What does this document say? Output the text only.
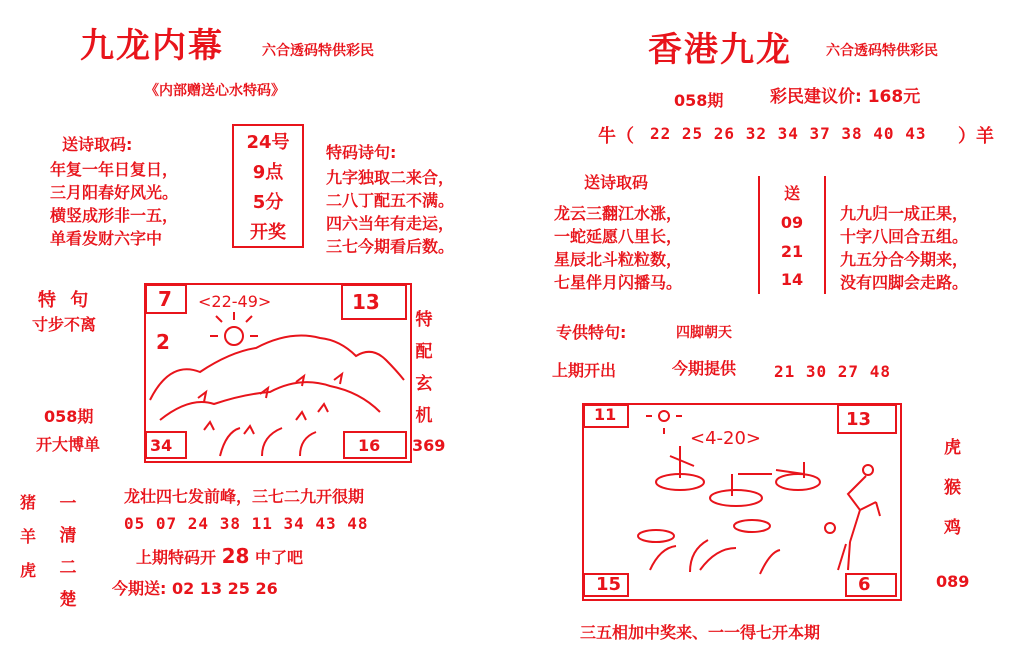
九龙内幕	六合透码特供彩民
《内部赠送心水特码》
送诗取码:
年复一年日复日，
三月阳春好风光。
横竖成形非一五，
单看发财六字中
24号
9点
5分
开奖
特码诗句:
九字独取二来合，
二八丁配五不满。
四六当年有走运，
三七今期看后数。
特 句
寸步不离
058期
开大博单
7	13
34	16
<22-49>
2
特配玄机
369
猪
羊
虎
一清二楚
龙壮四七发前峰，三七二九开很期
05 07 24 38 11 34 43 48
上期特码开 28 中了吧
今期送: 02 13 25 26
香港九龙 六合透码特供彩民
058期	彩民建议价: 168元
牛（ 22 25 26 32 34 37 38 40 43 ）羊
送诗取码
龙云三翻江水涨，
一蛇延愿八里长，
星辰北斗粒粒数，
七星伴月闪播马。
送
09
21
14
九九归一成正果，
十字八回合五组。
九五分合今期来，
没有四脚会走路。
专供特句:	四脚朝天
上期开出	今期提供 21 30 27 48
11	13
15	6
<4-20>	虎
猴
鸡
089
三五相加中奖来、一一得七开本期
